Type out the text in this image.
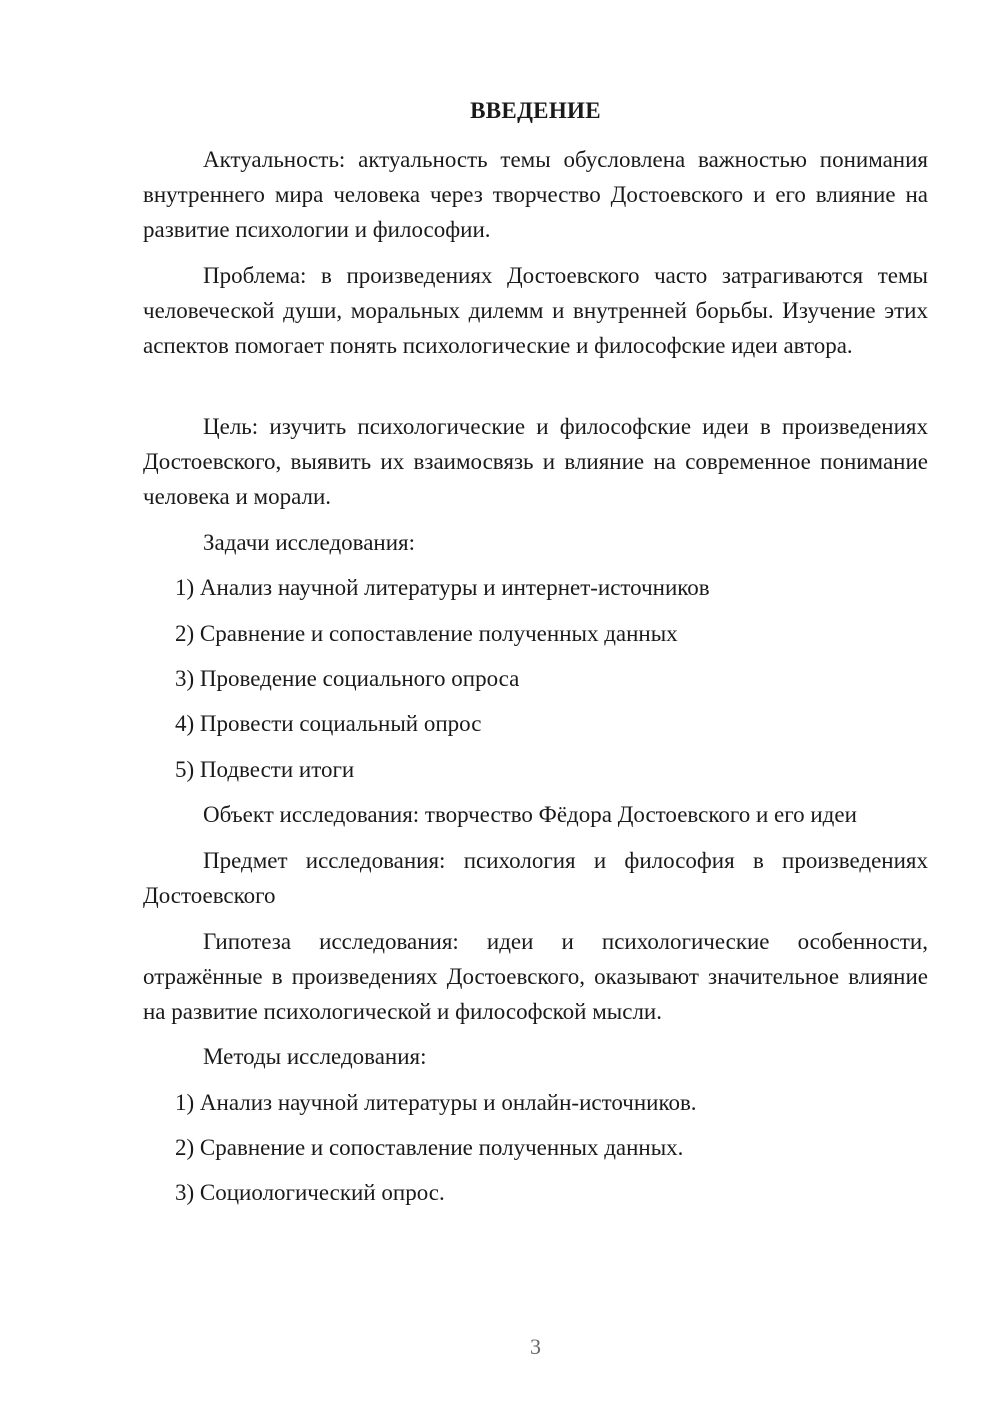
ВВЕДЕНИЕ

Актуальность: актуальность темы обусловлена важностью понимания внутреннего мира человека через творчество Достоевского и его влияние на развитие психологии и философии.

Проблема: в произведениях Достоевского часто затрагиваются темы человеческой души, моральных дилемм и внутренней борьбы. Изучение этих аспектов помогает понять психологические и философские идеи автора.

Цель: изучить психологические и философские идеи в произведениях Достоевского, выявить их взаимосвязь и влияние на современное понимание человека и морали.

Задачи исследования:

1) Анализ научной литературы и интернет-источников

2) Сравнение и сопоставление полученных данных

3) Проведение социального опроса

4) Провести социальный опрос

5) Подвести итоги

Объект исследования: творчество Фёдора Достоевского и его идеи

Предмет исследования: психология и философия в произведениях Достоевского

Гипотеза исследования: идеи и психологические особенности, отражённые в произведениях Достоевского, оказывают значительное влияние на развитие психологической и философской мысли.

Методы исследования:

1) Анализ научной литературы и онлайн-источников.

2) Сравнение и сопоставление полученных данных.

3) Социологический опрос.

3
